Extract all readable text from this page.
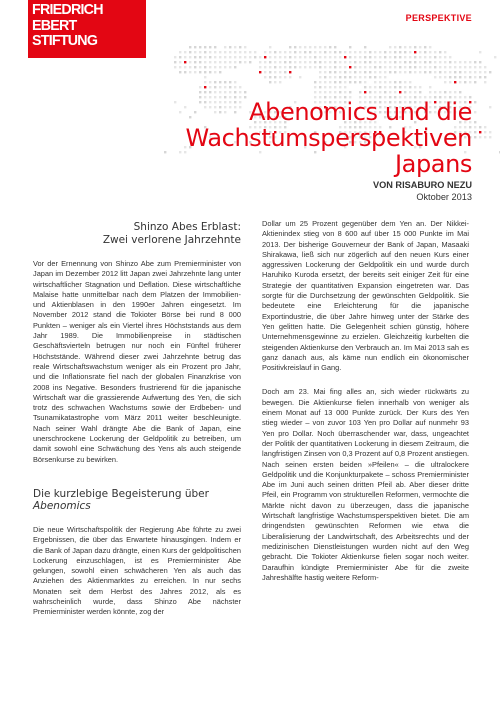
FRIEDRICH
EBERT
STIFTUNG
PERSPEKTIVE
Abenomics und die
Wachstumsperspektiven Japans
VON RISABURO NEZU
Oktober 2013
Shinzo Abes Erblast:
Zwei verlorene Jahrzehnte

Vor der Ernennung von Shinzo Abe zum Premierminister von Japan im Dezember 2012 litt Japan zwei Jahrzehnte lang unter wirtschaftlicher Stagnation und Deflation. Diese wirtschaftliche Malaise hatte unmittelbar nach dem Platzen der Immobilien- und Aktienblasen in den 1990er Jahren eingesetzt. Im November 2012 stand die Tokioter Börse bei rund 8 000 Punkten – weniger als ein Viertel ihres Höchststands aus dem Jahr 1989. Die Immobilienpreise in städtischen Geschäftsvierteln betrugen nur noch ein Fünftel früherer Höchststände. Während dieser zwei Jahrzehnte betrug das reale Wirtschaftswachstum weniger als ein Prozent pro Jahr, und die Inflationsrate fiel nach der globalen Finanzkrise von 2008 ins Negative. Besonders frustrierend für die japanische Wirtschaft war die grassierende Aufwertung des Yen, die sich trotz des schwachen Wachstums sowie der Erdbeben- und Tsunamikatastrophe vom März 2011 weiter beschleunigte. Nach seiner Wahl drängte Abe die Bank of Japan, eine unerschrockene Lockerung der Geldpolitik zu betreiben, um damit sowohl eine Schwächung des Yens als auch steigende Börsenkurse zu bewirken.

Die kurzlebige Begeisterung über Abenomics

Die neue Wirtschaftspolitik der Regierung Abe führte zu zwei Ergebnissen, die über das Erwartete hinausgingen. Indem er die Bank of Japan dazu drängte, einen Kurs der geldpolitischen Lockerung einzuschlagen, ist es Premierminister Abe gelungen, sowohl einen schwächeren Yen als auch das Anziehen des Aktienmarktes zu erreichen. In nur sechs Monaten seit dem Herbst des Jahres 2012, als es wahrscheinlich wurde, dass Shinzo Abe nächster Premierminister werden könnte, zog der

Dollar um 25 Prozent gegenüber dem Yen an. Der Nikkei-Aktienindex stieg von 8 600 auf über 15 000 Punkte im Mai 2013. Der bisherige Gouverneur der Bank of Japan, Masaaki Shirakawa, ließ sich nur zögerlich auf den neuen Kurs einer aggressiven Lockerung der Geldpolitik ein und wurde durch Haruhiko Kuroda ersetzt, der bereits seit einiger Zeit für eine Strategie der quantitativen Expansion eingetreten war. Das sorgte für die Durchsetzung der gewünschten Geldpolitik. Sie bedeutete eine Erleichterung für die japanische Exportindustrie, die über Jahre hinweg unter der Stärke des Yen gelitten hatte. Die Gelegenheit schien günstig, höhere Unternehmensgewinne zu erzielen. Gleichzeitig kurbelten die steigenden Aktienkurse den Verbrauch an. Im Mai 2013 sah es ganz danach aus, als käme nun endlich ein ökonomischer Positivkreislauf in Gang.

Doch am 23. Mai fing alles an, sich wieder rückwärts zu bewegen. Die Aktienkurse fielen innerhalb von weniger als einem Monat auf 13 000 Punkte zurück. Der Kurs des Yen stieg wieder – von zuvor 103 Yen pro Dollar auf nunmehr 93 Yen pro Dollar. Noch überraschender war, dass, ungeachtet der Politik der quantitativen Lockerung in diesem Zeitraum, die langfristigen Zinsen von 0,3 Prozent auf 0,8 Prozent anstiegen. Nach seinen ersten beiden »Pfeilen« – die ultralockere Geldpolitik und die Konjunkturpakete – schoss Premierminister Abe im Juni auch seinen dritten Pfeil ab. Aber dieser dritte Pfeil, ein Programm von strukturellen Reformen, vermochte die Märkte nicht davon zu überzeugen, dass die japanische Wirtschaft langfristige Wachstumsperspektiven bietet. Die am dringendsten gewünschten Reformen wie etwa die Liberalisierung der Landwirtschaft, des Arbeitsrechts und der medizinischen Dienstleistungen wurden nicht auf den Weg gebracht. Die Tokioter Aktienkurse fielen sogar noch weiter. Daraufhin kündigte Premierminister Abe für die zweite Jahreshälfte hastig weitere Reform-
